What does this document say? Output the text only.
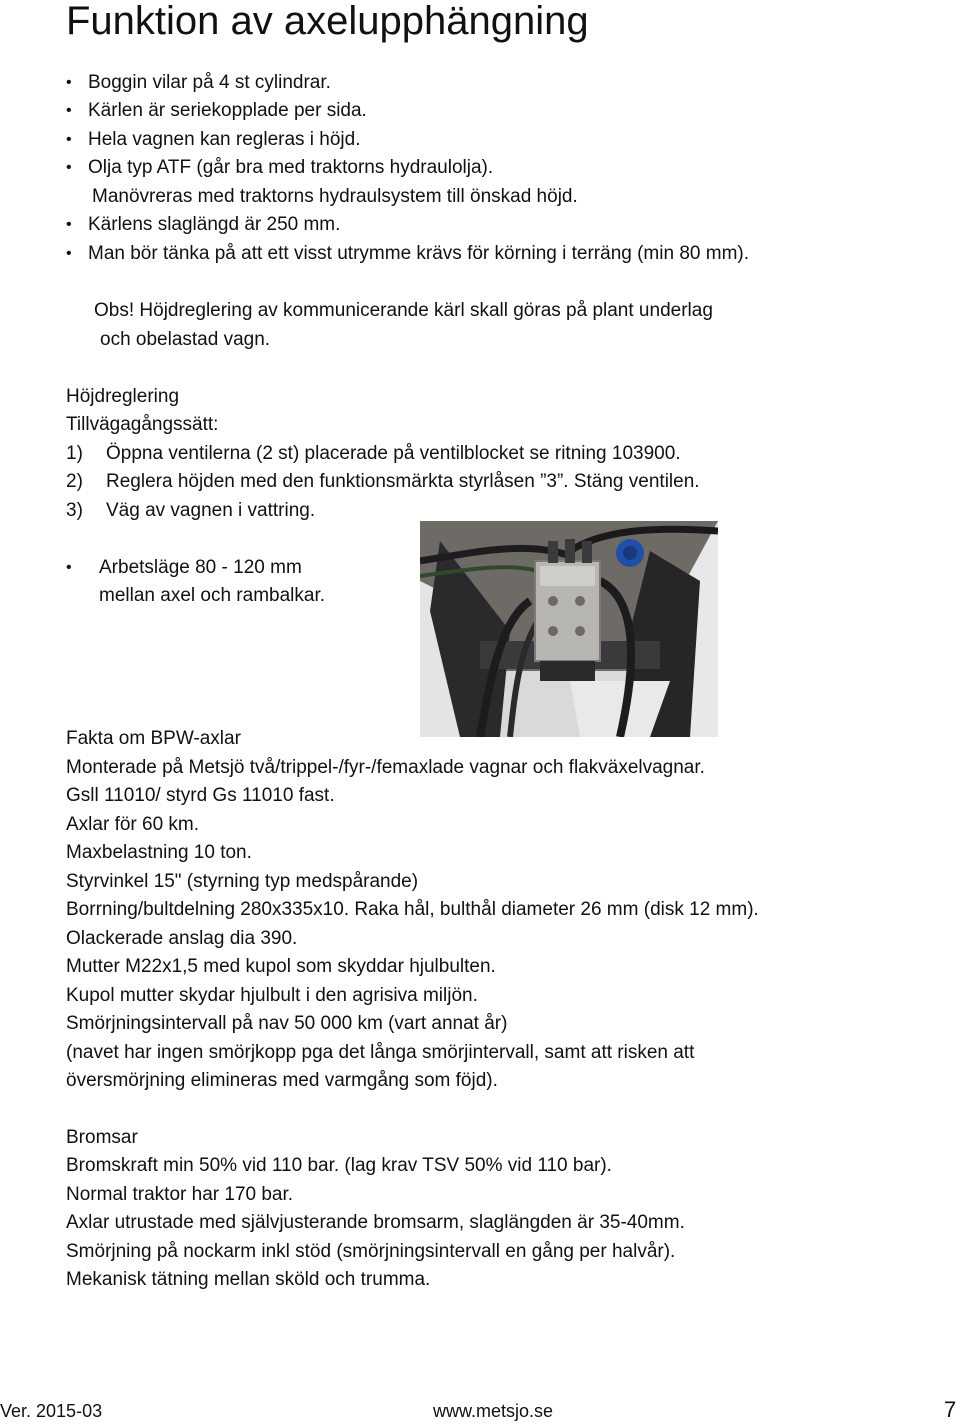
Funktion av axelupphängning
• Boggin vilar på 4 st cylindrar.
• Kärlen är seriekopplade per sida.
• Hela vagnen kan regleras i höjd.
• Olja typ ATF (går bra med traktorns hydraulolja).
Manövreras med traktorns hydraulsystem till önskad höjd.
• Kärlens slaglängd är 250 mm.
• Man bör tänka på att ett visst utrymme krävs för körning i terräng (min 80 mm).
Obs! Höjdreglering av kommunicerande kärl skall göras på plant underlag
och obelastad vagn.
Höjdreglering
Tillvägagångssätt:
1) Öppna ventilerna (2 st) placerade på ventilblocket se ritning 103900.
2) Reglera höjden med den funktionsmärkta styrlåsen ”3”. Stäng ventilen.
3) Väg av vagnen i vattring.
• Arbetsläge 80 - 120 mm
mellan axel och rambalkar.
Fakta om BPW-axlar
Monterade på Metsjö två/trippel-/fyr-/femaxlade vagnar och flakväxelvagnar.
Gsll 11010/ styrd Gs 11010 fast.
Axlar för 60 km.
Maxbelastning 10 ton.
Styrvinkel 15" (styrning typ medspårande)
Borrning/bultdelning 280x335x10. Raka hål, bulthål diameter 26 mm (disk 12 mm).
Olackerade anslag dia 390.
Mutter M22x1,5 med kupol som skyddar hjulbulten.
Kupol mutter skydar hjulbult i den agrisiva miljön.
Smörjningsintervall på nav 50 000 km (vart annat år)
(navet har ingen smörjkopp pga det långa smörjintervall, samt att risken att
översmörjning elimineras med varmgång som föjd).
Bromsar
Bromskraft min 50% vid 110 bar. (lag krav TSV 50% vid 110 bar).
Normal traktor har 170 bar.
Axlar utrustade med självjusterande bromsarm, slaglängden är 35-40mm.
Smörjning på nockarm inkl stöd (smörjningsintervall en gång per halvår).
Mekanisk tätning mellan sköld och trumma.
Ver. 2015-03	www.metsjo.se	7
